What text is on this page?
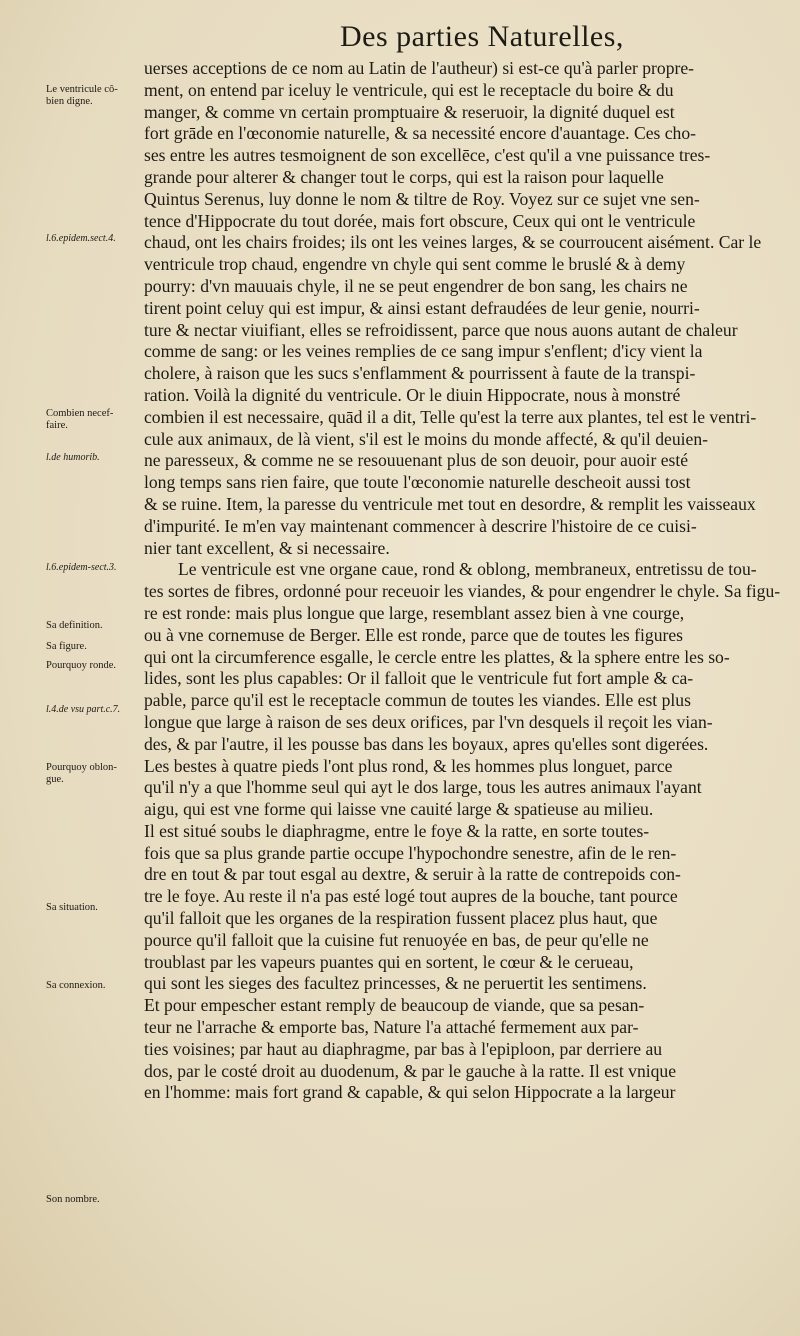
Des parties Naturelles,
Le ventricule cô-
bien digne.
l.6.epidem.sect.4.
Combien necef-
faire.
l.de humorib.
l.6.epidem-sect.3.
Sa definition.
Sa figure.
Pourquoy ronde.
l.4.de vsu part.c.7.
Pourquoy oblon-
gue.
Sa situation.
Sa connexion.
Son nombre.
uerses acceptions de ce nom au Latin de l'autheur) si est-ce qu'à parler propre-
ment, on entend par iceluy le ventricule, qui est le receptacle du boire & du
manger, & comme vn certain promptuaire & reseruoir, la dignité duquel est
fort grāde en l'œconomie naturelle, & sa necessité encore d'auantage. Ces cho-
ses entre les autres tesmoignent de son excellēce, c'est qu'il a vne puissance tres-
grande pour alterer & changer tout le corps, qui est la raison pour laquelle
Quintus Serenus, luy donne le nom & tiltre de Roy. Voyez sur ce sujet vne sen-
tence d'Hippocrate du tout dorée, mais fort obscure, Ceux qui ont le ventricule
chaud, ont les chairs froides; ils ont les veines larges, & se courroucent aisément. Car le
ventricule trop chaud, engendre vn chyle qui sent comme le bruslé & à demy
pourry: d'vn mauuais chyle, il ne se peut engendrer de bon sang, les chairs ne
tirent point celuy qui est impur, & ainsi estant defraudées de leur genie, nourri-
ture & nectar viuifiant, elles se refroidissent, parce que nous auons autant de chaleur
comme de sang: or les veines remplies de ce sang impur s'enflent; d'icy vient la
cholere, à raison que les sucs s'enflamment & pourrissent à faute de la transpi-
ration. Voilà la dignité du ventricule. Or le diuin Hippocrate, nous à monstré
combien il est necessaire, quād il a dit, Telle qu'est la terre aux plantes, tel est le ventri-
cule aux animaux, de là vient, s'il est le moins du monde affecté, & qu'il deuien-
ne paresseux, & comme ne se resouuenant plus de son deuoir, pour auoir esté
long temps sans rien faire, que toute l'œconomie naturelle descheoit aussi tost
& se ruine. Item, la paresse du ventricule met tout en desordre, & remplit les vaisseaux
d'impurité. Ie m'en vay maintenant commencer à descrire l'histoire de ce cuisi-
nier tant excellent, & si necessaire.
Le ventricule est vne organe caue, rond & oblong, membraneux, entretissu de tou-
tes sortes de fibres, ordonné pour receuoir les viandes, & pour engendrer le chyle. Sa figu-
re est ronde: mais plus longue que large, resemblant assez bien à vne courge,
ou à vne cornemuse de Berger. Elle est ronde, parce que de toutes les figures
qui ont la circumference esgalle, le cercle entre les plattes, & la sphere entre les so-
lides, sont les plus capables: Or il falloit que le ventricule fut fort ample & ca-
pable, parce qu'il est le receptacle commun de toutes les viandes. Elle est plus
longue que large à raison de ses deux orifices, par l'vn desquels il reçoit les vian-
des, & par l'autre, il les pousse bas dans les boyaux, apres qu'elles sont digerées.
Les bestes à quatre pieds l'ont plus rond, & les hommes plus longuet, parce
qu'il n'y a que l'homme seul qui ayt le dos large, tous les autres animaux l'ayant
aigu, qui est vne forme qui laisse vne cauité large & spatieuse au milieu.
Il est situé soubs le diaphragme, entre le foye & la ratte, en sorte toutes-
fois que sa plus grande partie occupe l'hypochondre senestre, afin de le ren-
dre en tout & par tout esgal au dextre, & seruir à la ratte de contrepoids con-
tre le foye. Au reste il n'a pas esté logé tout aupres de la bouche, tant pource
qu'il falloit que les organes de la respiration fussent placez plus haut, que
pource qu'il falloit que la cuisine fut renuoyée en bas, de peur qu'elle ne
troublast par les vapeurs puantes qui en sortent, le cœur & le cerueau,
qui sont les sieges des facultez princesses, & ne peruertit les sentimens.
Et pour empescher estant remply de beaucoup de viande, que sa pesan-
teur ne l'arrache & emporte bas, Nature l'a attaché fermement aux par-
ties voisines; par haut au diaphragme, par bas à l'epiploon, par derriere au
dos, par le costé droit au duodenum, & par le gauche à la ratte. Il est vnique
en l'homme: mais fort grand & capable, & qui selon Hippocrate a la largeur
